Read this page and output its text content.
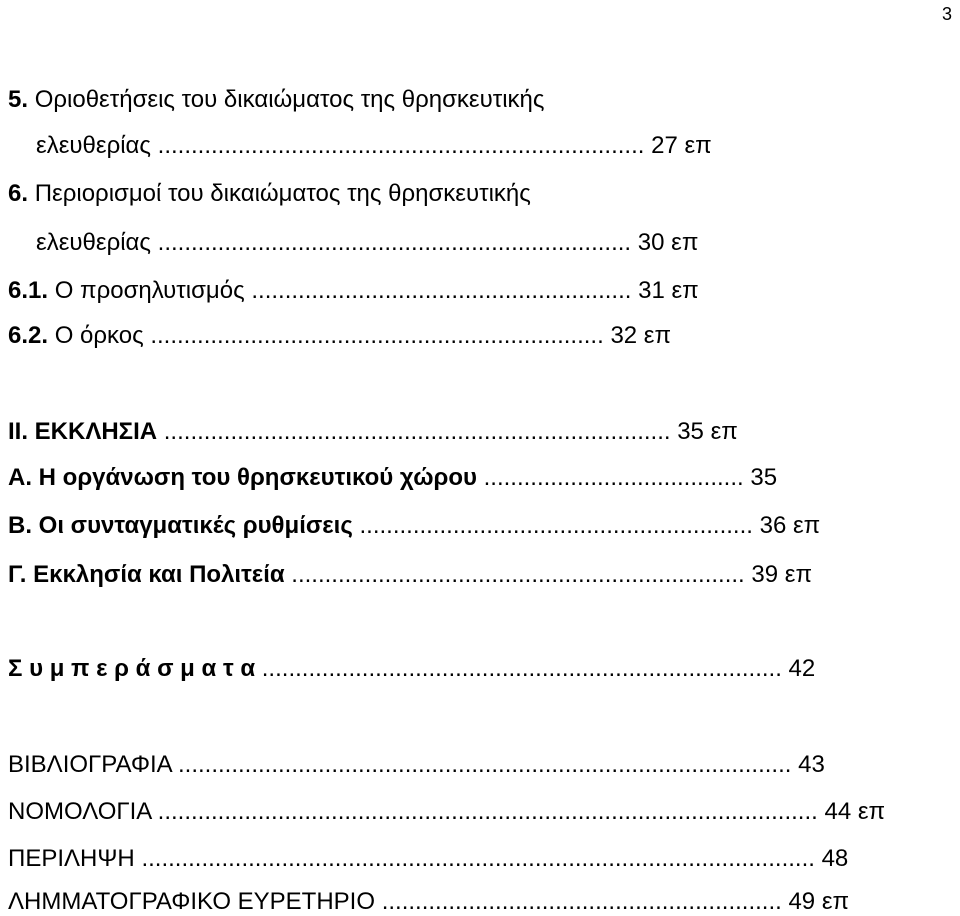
3
5. Οριοθετήσεις του δικαιώματος της θρησκευτικής
ελευθερίας ......................................................................... 27 επ
6. Περιορισμοί του δικαιώματος της θρησκευτικής
ελευθερίας ....................................................................... 30 επ
6.1. Ο προσηλυτισμός ......................................................... 31 επ
6.2. Ο όρκος .................................................................... 32 επ
II. ΕΚΚΛΗΣΙΑ ............................................................................ 35 επ
Α. Η οργάνωση του θρησκευτικού χώρου ....................................... 35
Β. Οι συνταγματικές ρυθμίσεις ........................................................... 36 επ
Γ. Εκκλησία και Πολιτεία .................................................................... 39 επ
Σ υ μ π ε ρ ά σ μ α τ α .............................................................................. 42
ΒΙΒΛΙΟΓΡΑΦΙΑ ............................................................................................ 43
ΝΟΜΟΛΟΓΙΑ ................................................................................................... 44 επ
ΠΕΡΙΛΗΨΗ ..................................................................................................... 48
ΛΗΜΜΑΤΟΓΡΑΦΙΚΟ ΕΥΡΕΤΗΡΙΟ ............................................................ 49 επ
